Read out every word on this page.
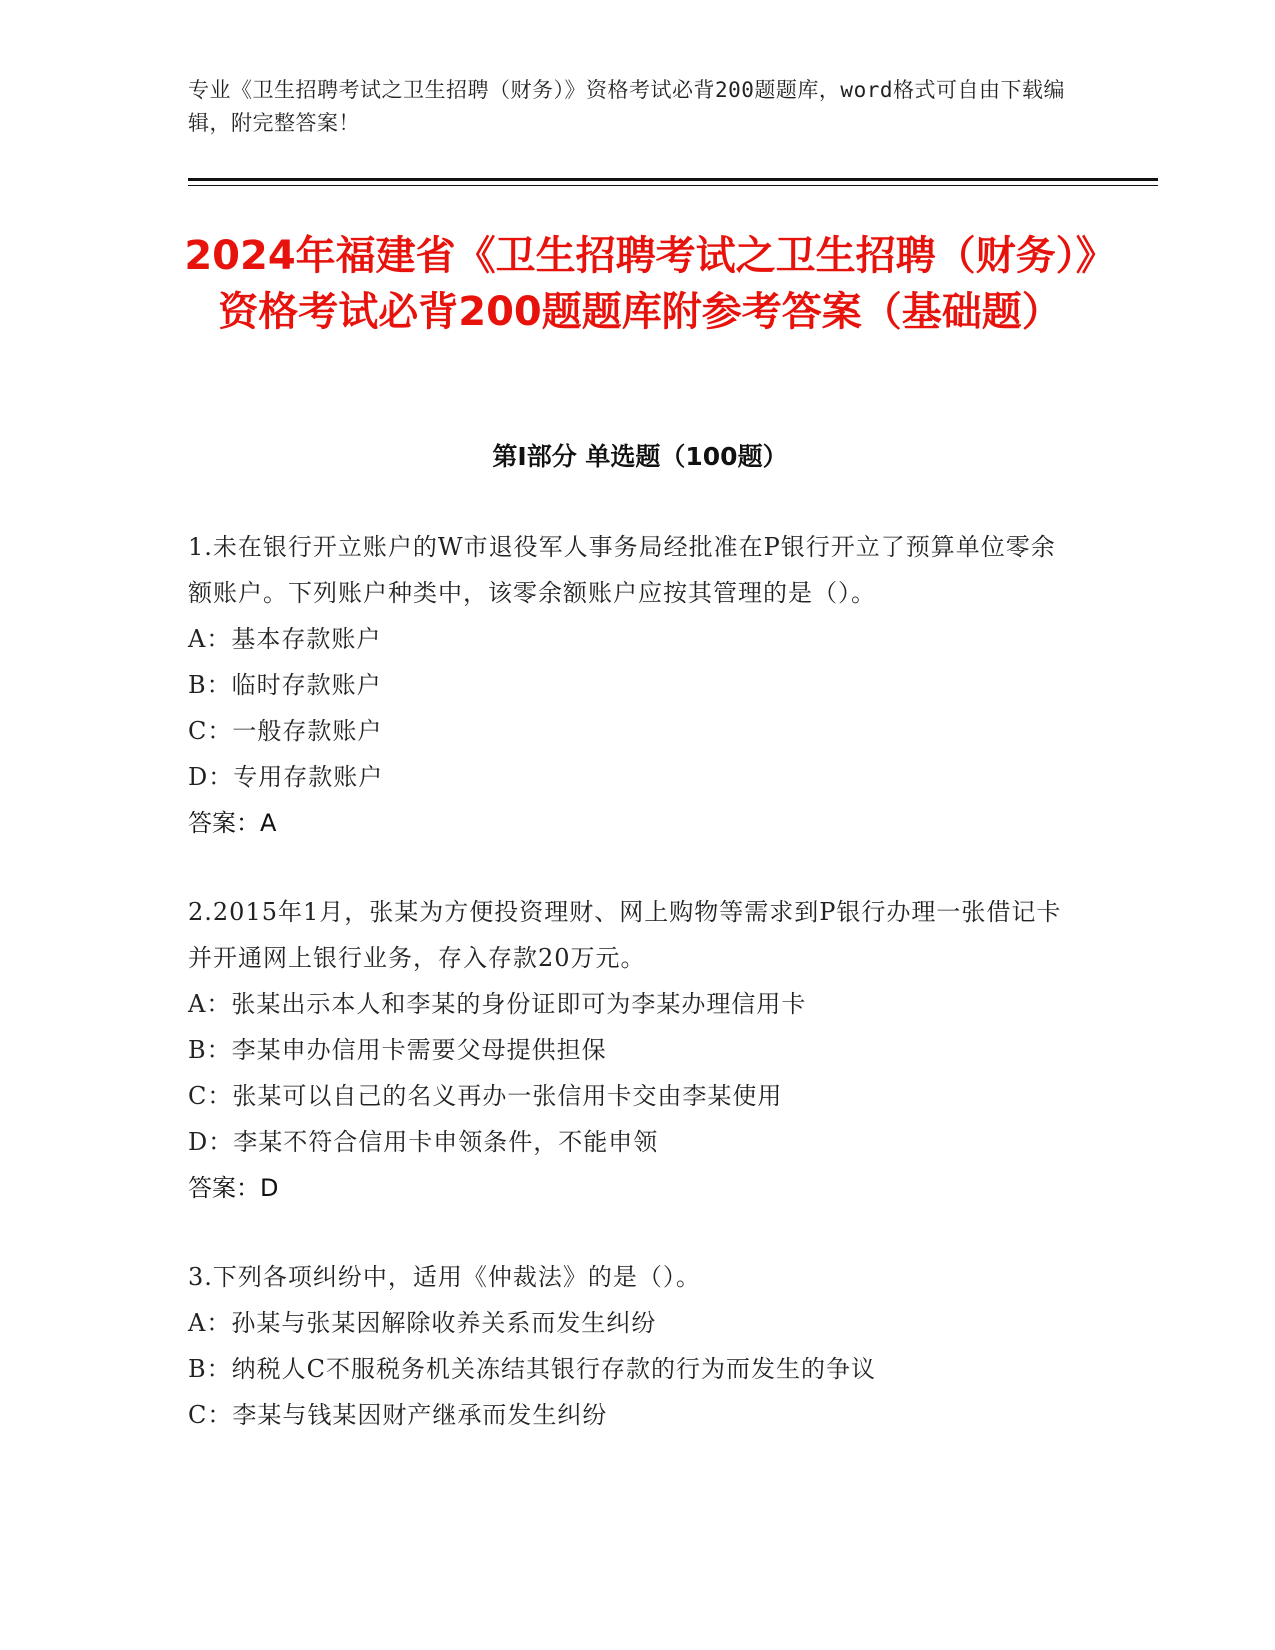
专业《卫生招聘考试之卫生招聘（财务）》资格考试必背200题题库，word格式可自由下载编辑，附完整答案！
2024年福建省《卫生招聘考试之卫生招聘（财务）》资格考试必背200题题库附参考答案（基础题）
第I部分 单选题（100题）
1.未在银行开立账户的W市退役军人事务局经批准在P银行开立了预算单位零余额账户。下列账户种类中，该零余额账户应按其管理的是（）。
A：基本存款账户
B：临时存款账户
C：一般存款账户
D：专用存款账户
答案：A
2.2015年1月，张某为方便投资理财、网上购物等需求到P银行办理一张借记卡并开通网上银行业务，存入存款20万元。
A：张某出示本人和李某的身份证即可为李某办理信用卡
B：李某申办信用卡需要父母提供担保
C：张某可以自己的名义再办一张信用卡交由李某使用
D：李某不符合信用卡申领条件，不能申领
答案：D
3.下列各项纠纷中，适用《仲裁法》的是（）。
A：孙某与张某因解除收养关系而发生纠纷
B：纳税人C不服税务机关冻结其银行存款的行为而发生的争议
C：李某与钱某因财产继承而发生纠纷
